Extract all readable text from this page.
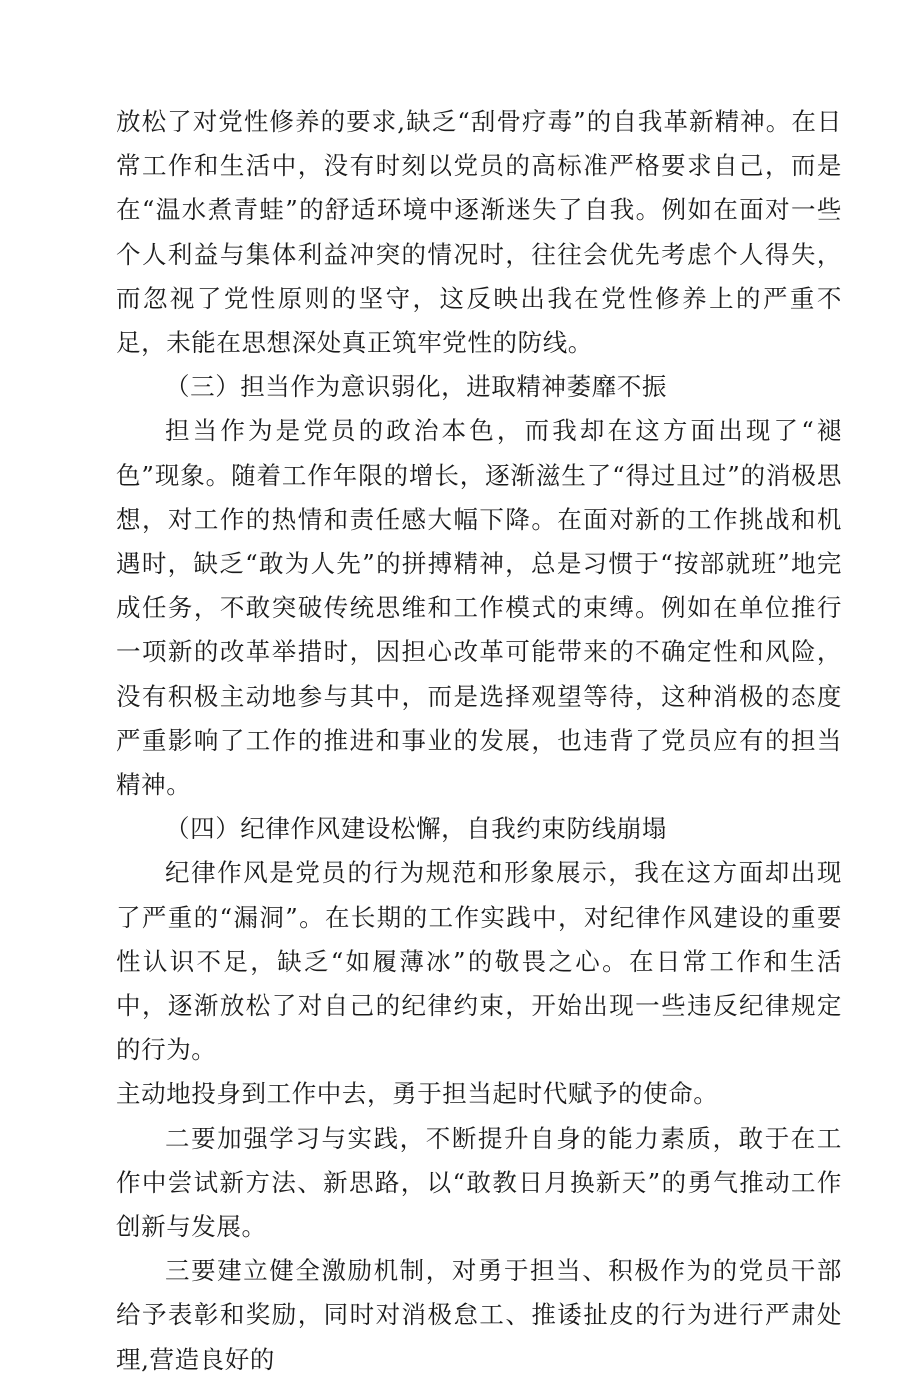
放松了对党性修养的要求,缺乏“刮骨疗毒”的自我革新精神。在日常工作和生活中，没有时刻以党员的高标准严格要求自己，而是在“温水煮青蛙”的舒适环境中逐渐迷失了自我。例如在面对一些个人利益与集体利益冲突的情况时，往往会优先考虑个人得失，而忽视了党性原则的坚守，这反映出我在党性修养上的严重不足，未能在思想深处真正筑牢党性的防线。

（三）担当作为意识弱化，进取精神萎靡不振

担当作为是党员的政治本色，而我却在这方面出现了“褪色”现象。随着工作年限的增长，逐渐滋生了“得过且过”的消极思想，对工作的热情和责任感大幅下降。在面对新的工作挑战和机遇时，缺乏“敢为人先”的拼搏精神，总是习惯于“按部就班”地完成任务，不敢突破传统思维和工作模式的束缚。例如在单位推行一项新的改革举措时，因担心改革可能带来的不确定性和风险，没有积极主动地参与其中，而是选择观望等待，这种消极的态度严重影响了工作的推进和事业的发展，也违背了党员应有的担当精神。

（四）纪律作风建设松懈，自我约束防线崩塌

纪律作风是党员的行为规范和形象展示，我在这方面却出现了严重的“漏洞”。在长期的工作实践中，对纪律作风建设的重要性认识不足，缺乏“如履薄冰”的敬畏之心。在日常工作和生活中，逐渐放松了对自己的纪律约束，开始出现一些违反纪律规定的行为。

主动地投身到工作中去，勇于担当起时代赋予的使命。

二要加强学习与实践，不断提升自身的能力素质，敢于在工作中尝试新方法、新思路，以“敢教日月换新天”的勇气推动工作创新与发展。

三要建立健全激励机制，对勇于担当、积极作为的党员干部给予表彰和奖励，同时对消极怠工、推诿扯皮的行为进行严肃处理,营造良好的
